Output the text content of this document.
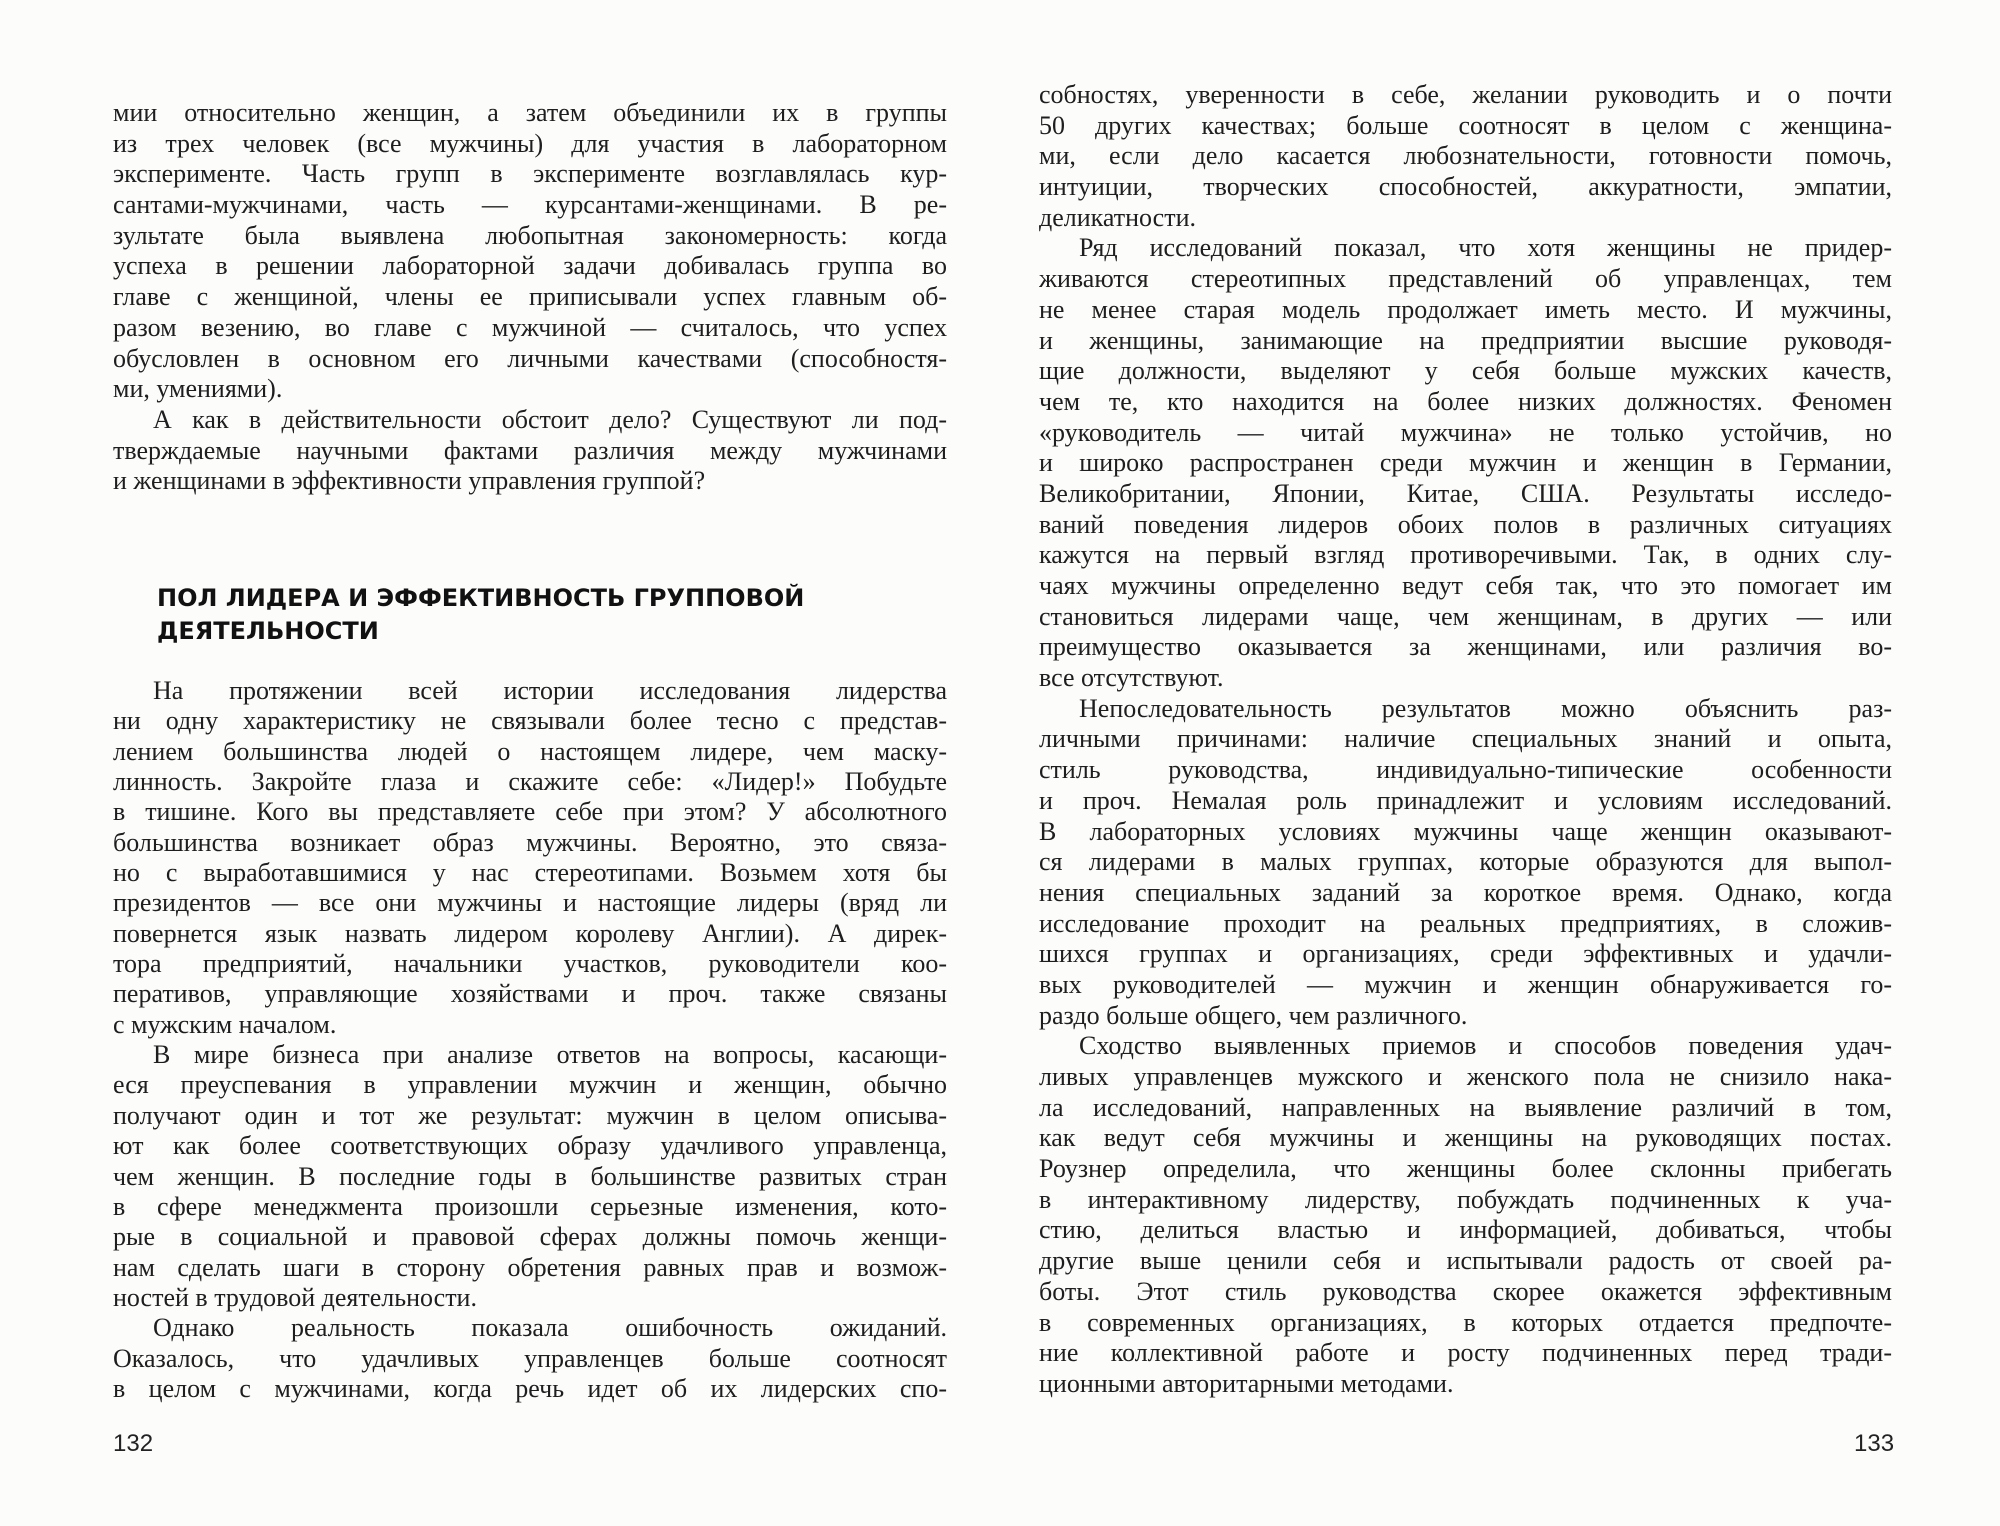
мии относительно женщин, а затем объединили их в группы
из трех человек (все мужчины) для участия в лабораторном
эксперименте. Часть групп в эксперименте возглавлялась кур-
сантами-мужчинами, часть — курсантами-женщинами. В ре-
зультате была выявлена любопытная закономерность: когда
успеха в решении лабораторной задачи добивалась группа во
главе с женщиной, члены ее приписывали успех главным об-
разом везению, во главе с мужчиной — считалось, что успех
обусловлен в основном его личными качествами (способностя-
ми, умениями).
А как в действительности обстоит дело? Существуют ли под-
тверждаемые научными фактами различия между мужчинами
и женщинами в эффективности управления группой?
ПОЛ ЛИДЕРА И ЭФФЕКТИВНОСТЬ ГРУППОВОЙ
ДЕЯТЕЛЬНОСТИ
На протяжении всей истории исследования лидерства
ни одну характеристику не связывали более тесно с представ-
лением большинства людей о настоящем лидере, чем маску-
линность. Закройте глаза и скажите себе: «Лидер!» Побудьте
в тишине. Кого вы представляете себе при этом? У абсолютного
большинства возникает образ мужчины. Вероятно, это связа-
но с выработавшимися у нас стереотипами. Возьмем хотя бы
президентов — все они мужчины и настоящие лидеры (вряд ли
повернется язык назвать лидером королеву Англии). А дирек-
тора предприятий, начальники участков, руководители коо-
перативов, управляющие хозяйствами и проч. также связаны
с мужским началом.
В мире бизнеса при анализе ответов на вопросы, касающи-
еся преуспевания в управлении мужчин и женщин, обычно
получают один и тот же результат: мужчин в целом описыва-
ют как более соответствующих образу удачливого управленца,
чем женщин. В последние годы в большинстве развитых стран
в сфере менеджмента произошли серьезные изменения, кото-
рые в социальной и правовой сферах должны помочь женщи-
нам сделать шаги в сторону обретения равных прав и возмож-
ностей в трудовой деятельности.
Однако реальность показала ошибочность ожиданий.
Оказалось, что удачливых управленцев больше соотносят
в целом с мужчинами, когда речь идет об их лидерских спо-
собностях, уверенности в себе, желании руководить и о почти
50 других качествах; больше соотносят в целом с женщина-
ми, если дело касается любознательности, готовности помочь,
интуиции, творческих способностей, аккуратности, эмпатии,
деликатности.
Ряд исследований показал, что хотя женщины не придер-
живаются стереотипных представлений об управленцах, тем
не менее старая модель продолжает иметь место. И мужчины,
и женщины, занимающие на предприятии высшие руководя-
щие должности, выделяют у себя больше мужских качеств,
чем те, кто находится на более низких должностях. Феномен
«руководитель — читай мужчина» не только устойчив, но
и широко распространен среди мужчин и женщин в Германии,
Великобритании, Японии, Китае, США. Результаты исследо-
ваний поведения лидеров обоих полов в различных ситуациях
кажутся на первый взгляд противоречивыми. Так, в одних слу-
чаях мужчины определенно ведут себя так, что это помогает им
становиться лидерами чаще, чем женщинам, в других — или
преимущество оказывается за женщинами, или различия во-
все отсутствуют.
Непоследовательность результатов можно объяснить раз-
личными причинами: наличие специальных знаний и опыта,
стиль руководства, индивидуально-типические особенности
и проч. Немалая роль принадлежит и условиям исследований.
В лабораторных условиях мужчины чаще женщин оказывают-
ся лидерами в малых группах, которые образуются для выпол-
нения специальных заданий за короткое время. Однако, когда
исследование проходит на реальных предприятиях, в сложив-
шихся группах и организациях, среди эффективных и удачли-
вых руководителей — мужчин и женщин обнаруживается го-
раздо больше общего, чем различного.
Сходство выявленных приемов и способов поведения удач-
ливых управленцев мужского и женского пола не снизило нака-
ла исследований, направленных на выявление различий в том,
как ведут себя мужчины и женщины на руководящих постах.
Роузнер определила, что женщины более склонны прибегать
в интерактивному лидерству, побуждать подчиненных к уча-
стию, делиться властью и информацией, добиваться, чтобы
другие выше ценили себя и испытывали радость от своей ра-
боты. Этот стиль руководства скорее окажется эффективным
в современных организациях, в которых отдается предпочте-
ние коллективной работе и росту подчиненных перед тради-
ционными авторитарными методами.
132	133
